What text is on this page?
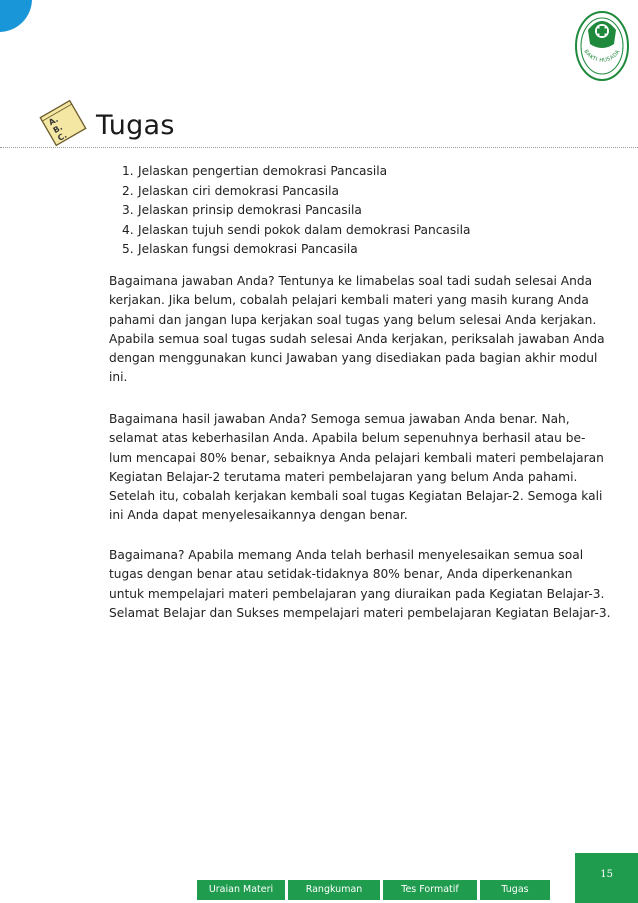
BAKTI HUSADA
A.
B.
C. Tugas
1. Jelaskan pengertian demokrasi Pancasila
2. Jelaskan ciri demokrasi Pancasila
3. Jelaskan prinsip demokrasi Pancasila
4. Jelaskan tujuh sendi pokok dalam demokrasi Pancasila
5. Jelaskan fungsi demokrasi Pancasila

Bagaimana jawaban Anda? Tentunya ke limabelas soal tadi sudah selesai Anda
kerjakan. Jika belum, cobalah pelajari kembali materi yang masih kurang Anda
pahami dan jangan lupa kerjakan soal tugas yang belum selesai Anda kerjakan.
Apabila semua soal tugas sudah selesai Anda kerjakan, periksalah jawaban Anda
dengan menggunakan kunci Jawaban yang disediakan pada bagian akhir modul
ini.

Bagaimana hasil jawaban Anda? Semoga semua jawaban Anda benar. Nah,
selamat atas keberhasilan Anda. Apabila belum sepenuhnya berhasil atau be-
lum mencapai 80% benar, sebaiknya Anda pelajari kembali materi pembelajaran
Kegiatan Belajar-2 terutama materi pembelajaran yang belum Anda pahami.
Setelah itu, cobalah kerjakan kembali soal tugas Kegiatan Belajar-2. Semoga kali
ini Anda dapat menyelesaikannya dengan benar.

Bagaimana? Apabila memang Anda telah berhasil menyelesaikan semua soal
tugas dengan benar atau setidak-tidaknya 80% benar, Anda diperkenankan
untuk mempelajari materi pembelajaran yang diuraikan pada Kegiatan Belajar-3.
Selamat Belajar dan Sukses mempelajari materi pembelajaran Kegiatan Belajar-3.

15
Uraian Materi	Rangkuman	Tes Formatif	Tugas
